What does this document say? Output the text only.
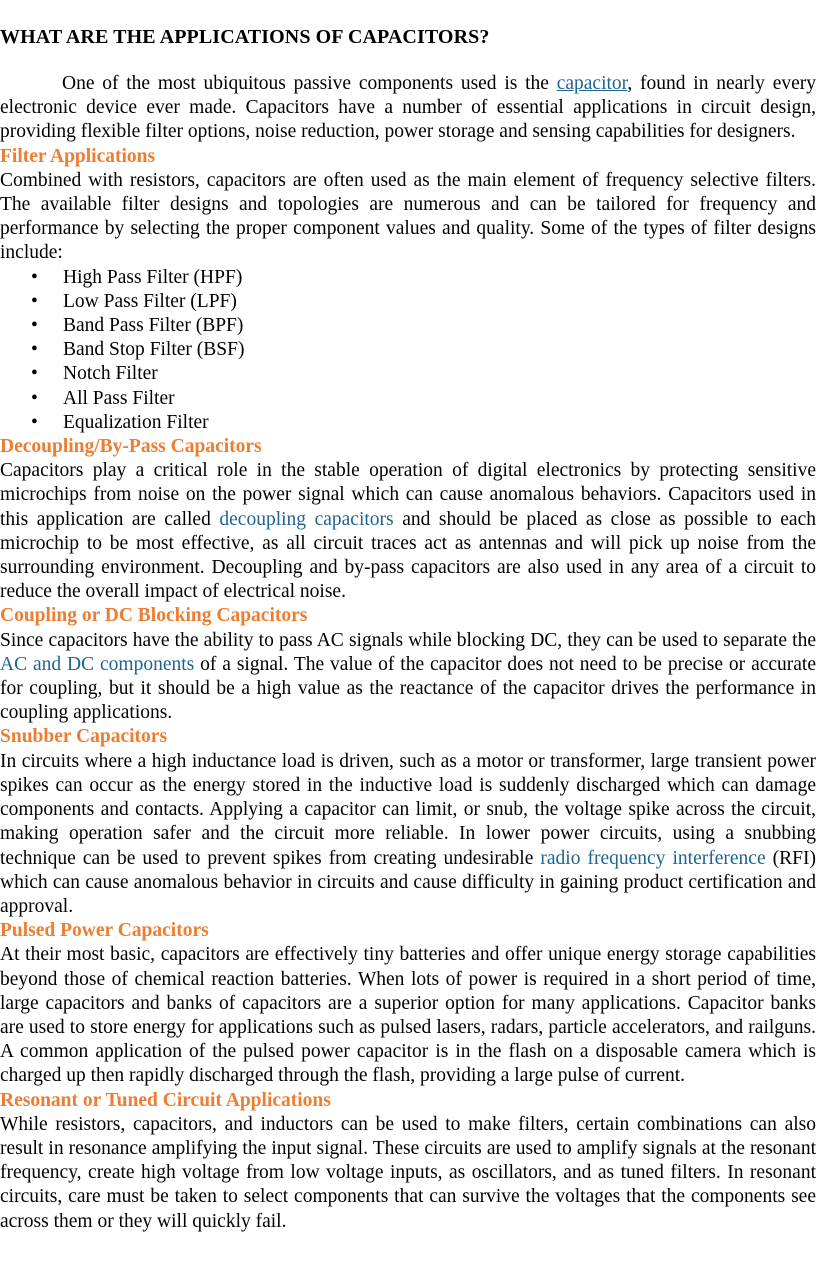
WHAT ARE THE APPLICATIONS OF CAPACITORS?

One of the most ubiquitous passive components used is the capacitor, found in nearly every electronic device ever made. Capacitors have a number of essential applications in circuit design, providing flexible filter options, noise reduction, power storage and sensing capabilities for designers.

Filter Applications

Combined with resistors, capacitors are often used as the main element of frequency selective filters. The available filter designs and topologies are numerous and can be tailored for frequency and performance by selecting the proper component values and quality. Some of the types of filter designs include:

• High Pass Filter (HPF)
• Low Pass Filter (LPF)
• Band Pass Filter (BPF)
• Band Stop Filter (BSF)
• Notch Filter
• All Pass Filter
• Equalization Filter
Decoupling/By-Pass Capacitors

Capacitors play a critical role in the stable operation of digital electronics by protecting sensitive microchips from noise on the power signal which can cause anomalous behaviors. Capacitors used in this application are called decoupling capacitors and should be placed as close as possible to each microchip to be most effective, as all circuit traces act as antennas and will pick up noise from the surrounding environment. Decoupling and by-pass capacitors are also used in any area of a circuit to reduce the overall impact of electrical noise.

Coupling or DC Blocking Capacitors

Since capacitors have the ability to pass AC signals while blocking DC, they can be used to separate the AC and DC components of a signal. The value of the capacitor does not need to be precise or accurate for coupling, but it should be a high value as the reactance of the capacitor drives the performance in coupling applications.

Snubber Capacitors

In circuits where a high inductance load is driven, such as a motor or transformer, large transient power spikes can occur as the energy stored in the inductive load is suddenly discharged which can damage components and contacts. Applying a capacitor can limit, or snub, the voltage spike across the circuit, making operation safer and the circuit more reliable. In lower power circuits, using a snubbing technique can be used to prevent spikes from creating undesirable radio frequency interference (RFI) which can cause anomalous behavior in circuits and cause difficulty in gaining product certification and approval.

Pulsed Power Capacitors

At their most basic, capacitors are effectively tiny batteries and offer unique energy storage capabilities beyond those of chemical reaction batteries. When lots of power is required in a short period of time, large capacitors and banks of capacitors are a superior option for many applications. Capacitor banks are used to store energy for applications such as pulsed lasers, radars, particle accelerators, and railguns. A common application of the pulsed power capacitor is in the flash on a disposable camera which is charged up then rapidly discharged through the flash, providing a large pulse of current.

Resonant or Tuned Circuit Applications

While resistors, capacitors, and inductors can be used to make filters, certain combinations can also result in resonance amplifying the input signal. These circuits are used to amplify signals at the resonant frequency, create high voltage from low voltage inputs, as oscillators, and as tuned filters. In resonant circuits, care must be taken to select components that can survive the voltages that the components see across them or they will quickly fail.
